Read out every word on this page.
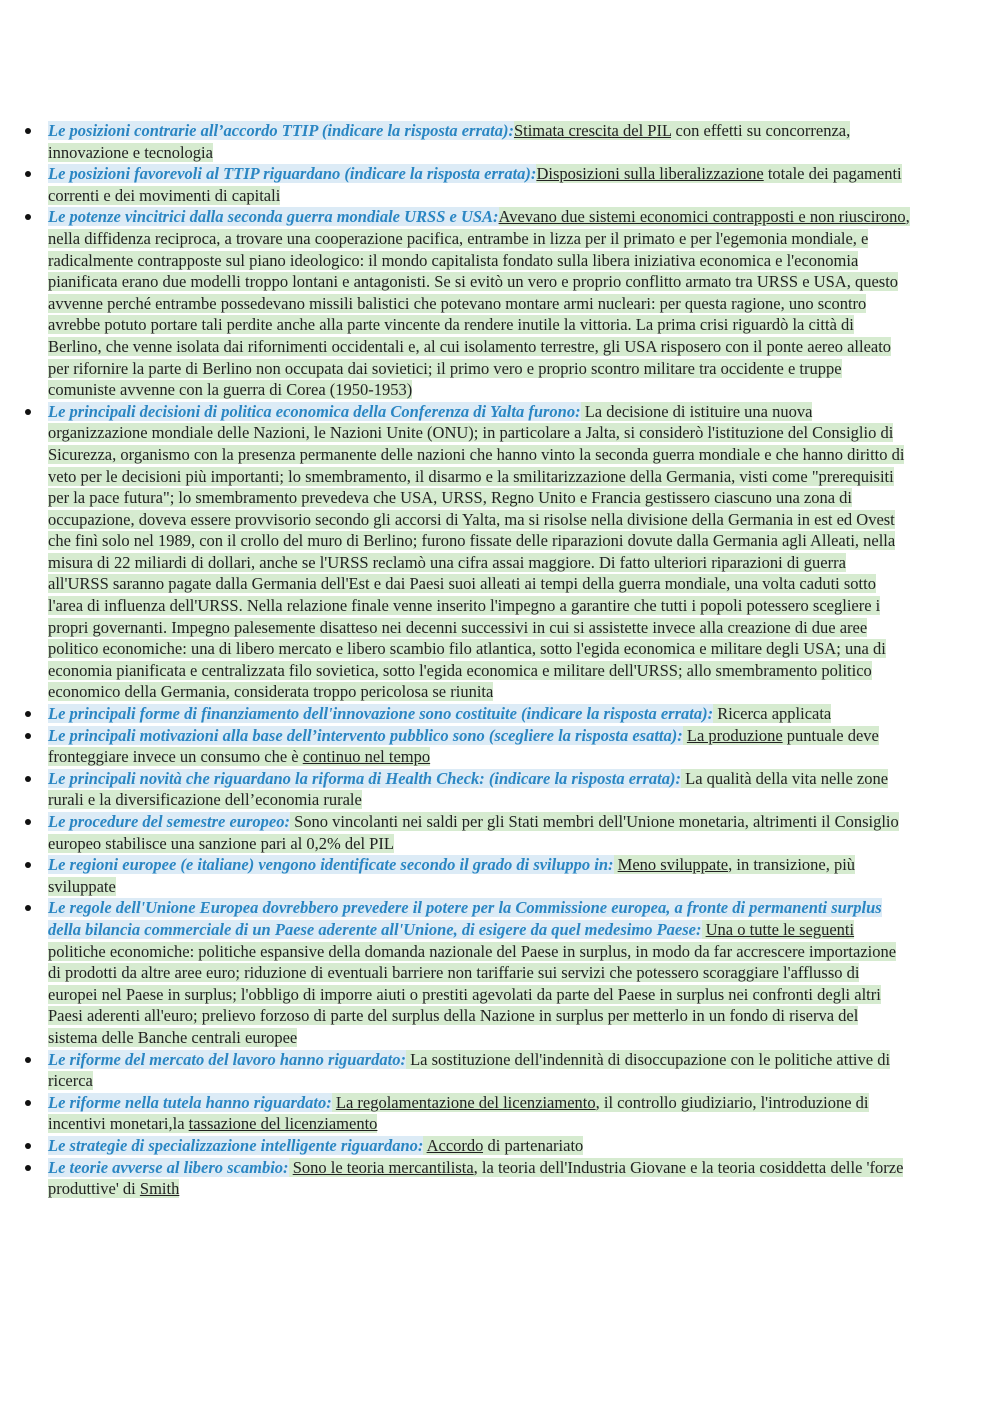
Le posizioni contrarie all’accordo TTIP (indicare la risposta errata):Stimata crescita del PIL con effetti su concorrenza, innovazione e tecnologia
Le posizioni favorevoli al TTIP riguardano (indicare la risposta errata):Disposizioni sulla liberalizzazione totale dei pagamenti correnti e dei movimenti di capitali
Le potenze vincitrici dalla seconda guerra mondiale URSS e USA:Avevano due sistemi economici contrapposti e non riuscirono, nella diffidenza reciproca, a trovare una cooperazione pacifica, entrambe in lizza per il primato e per l'egemonia mondiale, e radicalmente contrapposte sul piano ideologico: il mondo capitalista fondato sulla libera iniziativa economica e l'economia pianificata erano due modelli troppo lontani e antagonisti. Se si evitò un vero e proprio conflitto armato tra URSS e USA, questo avvenne perché entrambe possedevano missili balistici che potevano montare armi nucleari: per questa ragione, uno scontro avrebbe potuto portare tali perdite anche alla parte vincente da rendere inutile la vittoria. La prima crisi riguardò la città di Berlino, che venne isolata dai rifornimenti occidentali e, al cui isolamento terrestre, gli USA risposero con il ponte aereo alleato per rifornire la parte di Berlino non occupata dai sovietici; il primo vero e proprio scontro militare tra occidente e truppe comuniste avvenne con la guerra di Corea (1950-1953)
Le principali decisioni di politica economica della Conferenza di Yalta furono: La decisione di istituire una nuova organizzazione mondiale delle Nazioni, le Nazioni Unite (ONU); in particolare a Jalta, si considerò l'istituzione del Consiglio di Sicurezza, organismo con la presenza permanente delle nazioni che hanno vinto la seconda guerra mondiale e che hanno diritto di veto per le decisioni più importanti; lo smembramento, il disarmo e la smilitarizzazione della Germania, visti come "prerequisiti per la pace futura"; lo smembramento prevedeva che USA, URSS, Regno Unito e Francia gestissero ciascuno una zona di occupazione, doveva essere provvisorio secondo gli accorsi di Yalta, ma si risolse nella divisione della Germania in est ed Ovest che finì solo nel 1989, con il crollo del muro di Berlino; furono fissate delle riparazioni dovute dalla Germania agli Alleati, nella misura di 22 miliardi di dollari, anche se l'URSS reclamò una cifra assai maggiore. Di fatto ulteriori riparazioni di guerra all'URSS saranno pagate dalla Germania dell'Est e dai Paesi suoi alleati ai tempi della guerra mondiale, una volta caduti sotto l'area di influenza dell'URSS. Nella relazione finale venne inserito l'impegno a garantire che tutti i popoli potessero scegliere i propri governanti. Impegno palesemente disatteso nei decenni successivi in cui si assistette invece alla creazione di due aree politico economiche: una di libero mercato e libero scambio filo atlantica, sotto l'egida economica e militare degli USA; una di economia pianificata e centralizzata filo sovietica, sotto l'egida economica e militare dell'URSS; allo smembramento politico economico della Germania, considerata troppo pericolosa se riunita
Le principali forme di finanziamento dell'innovazione sono costituite (indicare la risposta errata): Ricerca applicata
Le principali motivazioni alla base dell’intervento pubblico sono (scegliere la risposta esatta): La produzione puntuale deve fronteggiare invece un consumo che è continuo nel tempo
Le principali novità che riguardano la riforma di Health Check: (indicare la risposta errata): La qualità della vita nelle zone rurali e la diversificazione dell’economia rurale
Le procedure del semestre europeo: Sono vincolanti nei saldi per gli Stati membri dell'Unione monetaria, altrimenti il Consiglio europeo stabilisce una sanzione pari al 0,2% del PIL
Le regioni europee (e italiane) vengono identificate secondo il grado di sviluppo in: Meno sviluppate, in transizione, più sviluppate
Le regole dell'Unione Europea dovrebbero prevedere il potere per la Commissione europea, a fronte di permanenti surplus della bilancia commerciale di un Paese aderente all'Unione, di esigere da quel medesimo Paese: Una o tutte le seguenti politiche economiche: politiche espansive della domanda nazionale del Paese in surplus, in modo da far accrescere importazione di prodotti da altre aree euro; riduzione di eventuali barriere non tariffarie sui servizi che potessero scoraggiare l'afflusso di europei nel Paese in surplus; l'obbligo di imporre aiuti o prestiti agevolati da parte del Paese in surplus nei confronti degli altri Paesi aderenti all'euro; prelievo forzoso di parte del surplus della Nazione in surplus per metterlo in un fondo di riserva del sistema delle Banche centrali europee
Le riforme del mercato del lavoro hanno riguardato: La sostituzione dell'indennità di disoccupazione con le politiche attive di ricerca
Le riforme nella tutela hanno riguardato: La regolamentazione del licenziamento, il controllo giudiziario, l'introduzione di incentivi monetari,la tassazione del licenziamento
Le strategie di specializzazione intelligente riguardano: Accordo di partenariato
Le teorie avverse al libero scambio: Sono le teoria mercantilista, la teoria dell'Industria Giovane e la teoria cosiddetta delle 'forze produttive' di Smith
